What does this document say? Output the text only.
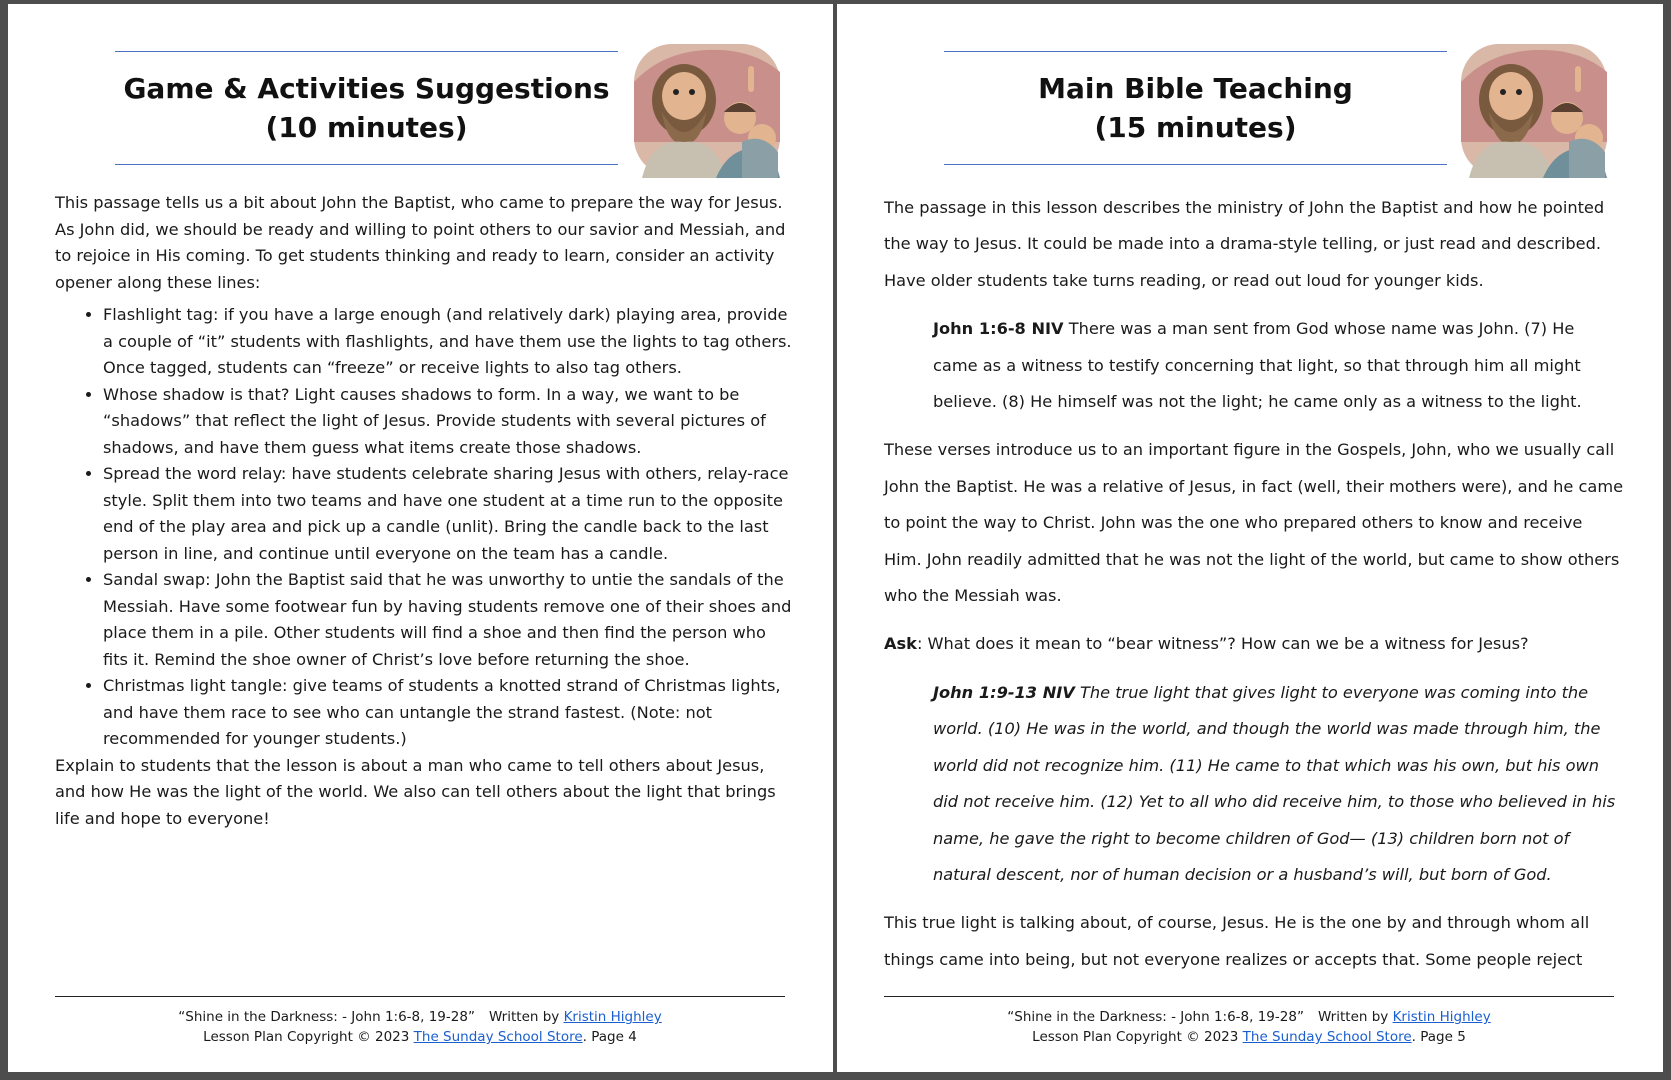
Game & Activities Suggestions
(10 minutes)

This passage tells us a bit about John the Baptist, who came to prepare the way for Jesus. As John did, we should be ready and willing to point others to our savior and Messiah, and to rejoice in His coming. To get students thinking and ready to learn, consider an activity opener along these lines:

• Flashlight tag: if you have a large enough (and relatively dark) playing area, provide a couple of “it” students with flashlights, and have them use the lights to tag others. Once tagged, students can “freeze” or receive lights to also tag others.
• Whose shadow is that? Light causes shadows to form. In a way, we want to be “shadows” that reflect the light of Jesus. Provide students with several pictures of shadows, and have them guess what items create those shadows.
• Spread the word relay: have students celebrate sharing Jesus with others, relay-race style. Split them into two teams and have one student at a time run to the opposite end of the play area and pick up a candle (unlit). Bring the candle back to the last person in line, and continue until everyone on the team has a candle.
• Sandal swap: John the Baptist said that he was unworthy to untie the sandals of the Messiah. Have some footwear fun by having students remove one of their shoes and place them in a pile. Other students will find a shoe and then find the person who fits it. Remind the shoe owner of Christ’s love before returning the shoe.
• Christmas light tangle: give teams of students a knotted strand of Christmas lights, and have them race to see who can untangle the strand fastest. (Note: not recommended for younger students.)

Explain to students that the lesson is about a man who came to tell others about Jesus, and how He was the light of the world. We also can tell others about the light that brings life and hope to everyone!

“Shine in the Darkness: - John 1:6-8, 19-28” Written by Kristin Highley
Lesson Plan Copyright © 2023 The Sunday School Store. Page 4
Main Bible Teaching
(15 minutes)

The passage in this lesson describes the ministry of John the Baptist and how he pointed the way to Jesus. It could be made into a drama-style telling, or just read and described. Have older students take turns reading, or read out loud for younger kids.

John 1:6-8 NIV There was a man sent from God whose name was John. (7) He came as a witness to testify concerning that light, so that through him all might believe. (8) He himself was not the light; he came only as a witness to the light.

These verses introduce us to an important figure in the Gospels, John, who we usually call John the Baptist. He was a relative of Jesus, in fact (well, their mothers were), and he came to point the way to Christ. John was the one who prepared others to know and receive Him. John readily admitted that he was not the light of the world, but came to show others who the Messiah was.

Ask: What does it mean to “bear witness”? How can we be a witness for Jesus?

John 1:9-13 NIV The true light that gives light to everyone was coming into the world. (10) He was in the world, and though the world was made through him, the world did not recognize him. (11) He came to that which was his own, but his own did not receive him. (12) Yet to all who did receive him, to those who believed in his name, he gave the right to become children of God— (13) children born not of natural descent, nor of human decision or a husband’s will, but born of God.

This true light is talking about, of course, Jesus. He is the one by and through whom all things came into being, but not everyone realizes or accepts that. Some people reject

“Shine in the Darkness: - John 1:6-8, 19-28” Written by Kristin Highley
Lesson Plan Copyright © 2023 The Sunday School Store. Page 5
